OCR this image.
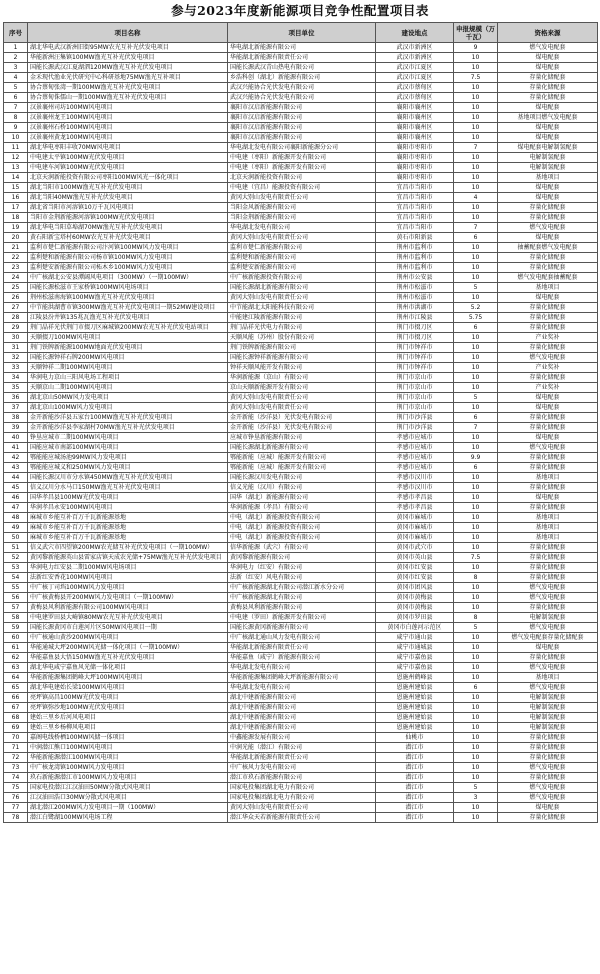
参与2023年度新能源项目竞争性配置项目表
序号	项目名称	项目单位	建设地点	申报规模（万千瓦）	资格来源
1	湖北华电武汉新洲旧街95MW农光互补光伏发电项目	华电湖北新能源有限公司	武汉市新洲区	9	燃气发电配套
2	华能新洲汪集镇100MW渔光互补光伏发电项目	华能湖北新能源有限责任公司	武汉市新洲区	10	煤电配套
3	国能长源武汉江夏湖泗120MW渔光互补光伏发电项目	国能长源武汉青山热电有限公司	武汉市江夏区	10	煤电配套
4	金禾现代渔业光伏研究中心科研基地75MW渔光互补项目	乡浩科创（湖北）新能源有限公司	武汉市江夏区	7.5	存量化储配套
5	协合蔡甸张湾一期100MW渔光互补光伏发电项目	武汉兴能协合光伏发电有限公司	武汉市蔡甸区	10	存量化储配套
6	协合蔡甸侏儒山一期100MW渔光互补光伏发电项目	武汉兴能协合光伏发电有限公司	武汉市蔡甸区	10	存量化储配套
7	汉景襄州司坊100MW风电项目	襄阳市汉启新能源有限公司	襄阳市襄州区	10	煤电配套
8	汉景襄州龙王100MW风电项目	襄阳市汉启新能源有限公司	襄阳市襄州区	10	基地项目燃气发电配套
9	汉景襄州石桥100MW风电项目	襄阳市汉启新能源有限公司	襄阳市襄州区	10	煤电配套
10	汉景襄州黄龙100MW风电项目	襄阳市汉启新能源有限公司	襄阳市襄州区	10	煤电配套
11	湖北华电枣阳丰收70MW风电项目	华电湖北发电有限公司襄阳新能源分公司	襄阳市枣阳市	7	煤电配套电解制氢配套
12	中电建太平镇100MW光伏发电项目	中电建（枣阳）新能源开发有限公司	襄阳市枣阳市	10	电解制氢配套
13	中电建车河镇100MW光伏发电项目	中电建（枣阳）新能源开发有限公司	襄阳市枣阳市	10	电解制氢配套
14	北京天润新能投资有限公司枣阳100MW风光一体化项目	北京天润新能投资有限公司	襄阳市枣阳市	10	基地项目
15	湖北当阳市100MW渔光互补光伏发电项目	中电建（宜昌）能源投资有限公司	宜昌市当阳市	10	煤电配套
16	湖北当阳40MW渔光互补光伏发电项目	黄冈大别山发电有限责任公司	宜昌市当阳市	4	煤电配套
17	湖北省当阳市河溶镇10万千瓦风电项目	当阳金风新能源有限公司	宜昌市当阳市	10	存量化储配套
18	当阳市金荆新能源河溶镇100MW光伏发电项目	当阳金荆新能源有限公司	宜昌市当阳市	10	存量化储配套
19	湖北华电当阳草埠湖70MW渔光互补光伏发电项目	华电湖北发电有限公司	宜昌市当阳市	7	燃气发电配套
20	黄石阳新宝塔村60MW农光互补光伏发电项目	黄冈大别山发电有限责任公司	黄石市阳新县	6	煤电配套
21	监利市楚仁新能源有限公司汴河镇100MW风力发电项目	监利市楚仁新能源有限公司	荆州市监利市	10	抽蓄配套燃气发电配套
22	监利楚和新能源有限公司杨市镇100MW风力发电项目	监利楚和新能源有限公司	荆州市监利市	10	存量化储配套
23	监利楚安新能源有限公司柘木乡100MW风力发电项目	监利楚安新能源有限公司	荆州市监利市	10	存量化储配套
24	中广核湖北公安县潭阔风电项目（300MW）（一期100MW）	中广核新能源投资有限公司	荆州市公安县	10	燃气发电配套抽蓄配套
25	国能长源松滋市王家桥镇100MW风电场项目	国能长源湖北新能源有限公司	荆州市松滋市	5	基地项目
26	荆州松滋南海镇100MW渔光互补光伏发电项目	黄冈大别山发电有限责任公司	荆州市松滋市	10	煤电配套
27	中节能洪湖曹市镇300MW渔光互补光伏发电项目一期52MW建设项目	中节能湖北太阳能科技有限公司	荆州市洪湖市	5.2	存量化储配套
28	江陵县汾井镇135兆瓦渔光互补光伏发电项目	中能建江陵新能源有限公司	荆州市江陵县	5.75	存量化储配套
29	荆门晶祥光伏荆门市掇刀区麻城镇200MW农光互补光伏发电站项目	荆门晶祥光伏电力有限公司	荆门市掇刀区	6	存量化储配套
30	天顺掇刀100MW风电项目	天顺风能（苏州）股份有限公司	荆门市掇刀区	10	产业奖补
31	荆门铁牌新能源100MW地面光伏发电项目	荆门铁牌新能源有限公司	荆门市钟祥市	10	存量化储配套
32	国能长源钟祥石牌200MW风电项目	国能长源钟祥新能源有限公司	荆门市钟祥市	10	燃气发电配套
33	天顺钟祥二期100MW风电项目	钟祥天顺风能开发有限公司	荆门市钟祥市	10	产业奖补
34	华润电力京山三阳风电场工程项目	华润新能源（京山）有限公司	荆门市京山市	10	存量化储配套
35	天顺京山二期100MW风电项目	京山天顺新能源开发有限公司	荆门市京山市	10	产业奖补
36	湖北京山50MW风力发电项目	黄冈大别山发电有限责任公司	荆门市京山市	5	煤电配套
37	湖北京山100MW风力发电项目	黄冈大别山发电有限责任公司	荆门市京山市	10	煤电配套
38	金开新能沙洋县五家台100MW渔光互补光伏发电项目	金开新能（沙洋县）光伏发电有限公司	荆门市沙洋县	6	存量化储配套
39	金开新能沙洋县李家湖村70MW渔光互补光伏发电项目	金开新能（沙洋县）光伏发电有限公司	荆门市沙洋县	7	存量化储配套
40	铮垦应城市二期100MW风电项目	应城市铮垦新能源有限公司	孝感市应城市	10	煤电配套
41	国能应城市南部100MW风电项目	国能长源湖北新能源有限公司	孝感市应城市	10	燃气发电配套
42	鄂能能应城汤池99MW风力发电项目	鄂能新能（应城）能源开发有限公司	孝感市应城市	9.9	存量化储配套
43	鄂能能应城义和250MW风力发电项目	鄂能新能（应城）能源开发有限公司	孝感市应城市	6	存量化储配套
44	国能长源汉川市分水镇450MW渔光互补光伏发电项目	国能长源汉川发电有限公司	孝感市汉川市	10	基地项目
45	信义汉川分水马口150MW渔光互补光伏发电项目	信义光能（汉川）有限公司	孝感市汉川市	10	存量化储配套
46	国华孝昌县100MW光伏发电项目	国华（湖北）新能源有限公司	孝感市孝昌县	10	煤电配套
47	华润孝昌永安100MW风电项目	华润新能源（孝昌）有限公司	孝感市孝昌县	10	存量化储配套
48	麻城市乡能互补百万千瓦新能源基地	中电（湖北）新能源投资有限公司	黄冈市麻城市	10	基地项目
49	麻城市乡能互补百万千瓦新能源基地	中电（湖北）新能源投资有限公司	黄冈市麻城市	10	基地项目
50	麻城市乡能互补百万千瓦新能源基地	中电（湖北）新能源投资有限公司	黄冈市麻城市	10	基地项目
51	信义武穴市四望镇200MW农光储互补光伏发电项目（一期100MW）	信华新能源（武穴）有限公司	黄冈市武穴市	10	存量化储配套
52	黄冈黎新能源英山县雷家店镇天成农光储+75MW渔光互补光伏发电项目	黄冈黎新能源有限公司	黄冈市英山县	7.5	存量化储配套
53	华润电力红安县二期100MW风电场项目	华润电力（红安）有限公司	黄冈市红安县	10	存量化储配套
54	法新红安香花100MW风电项目	法新（红安）风电有限公司	黄冈市红安县	8	存量化储配套
55	中广核丁司垱100MW风力发电项目	中广核新能源湖北有限公司潜江新水分公司	黄冈市团风县	10	燃气发电配套
56	中广核黄梅县开200MW风力发电项目（一期100MW）	中广核新能源湖北有限公司	黄冈市黄梅县	10	燃气发电配套
57	黄梅县风利新能源有限公司100MW风电项目	黄梅县风利新能源有限公司	黄冈市黄梅县	10	存量化储配套
58	中电建罗田县大崎镇80MW农光互补光伏发电项目	中电建（罗田）新能源开发有限公司	黄冈市罗田县	8	电解制氢配套
59	国能长源黄冈市白莲河片区50MW风电项目一期	国能长源黄冈新能源有限公司	黄冈市白莲河示范区	5	燃气发电配套
60	中广核通山黄沙200MW风电项目	中广核湖北通山风力发电有限公司	咸宁市通山县	10	燃气发电配套存量化储配套
61	华能通城大坪200MW风光储一体化项目（一期100MW）	华能湖北新能源有限责任公司	咸宁市通城县	10	煤电配套
62	华能嘉鱼县大悟150MW渔光互补光伏发电项目	华能嘉鱼（咸宁）新能源有限公司	咸宁市嘉鱼县	10	存量化储配套
63	湖北华电咸宁嘉鱼风光储一体化项目	华电湖北发电有限公司	咸宁市嘉鱼县	10	燃气发电配套
64	华能新能源集团鹤峰大坪100MW风电项目	华能新能源集团鹤峰大坪新能源有限公司	恩施州鹤峰县	10	基地项目
65	湖北华电建始长梁100MW风电项目	华电湖北发电有限公司	恩施州建始县	6	燃气发电配套
66	亮坪镇高昌100MW光伏发电项目	湖北中建新能源有限公司	恩施州建始县	10	电解制氢配套
67	亮坪镇弥沙地100MW光伏发电项目	湖北中建新能源有限公司	恩施州建始县	10	电解制氢配套
68	建始三里乡后河风电项目	湖北中建新能源有限公司	恩施州建始县	10	电解制氢配套
69	建始三里乡杨柳风电项目	湖北中建新能源有限公司	恩施州建始县	10	电解制氢配套
70	嘉阁电线桥栖100MW风储一体项目	中鑫能源发展有限公司	仙桃市	10	存量化储配套
71	中润潜江熊口100MW风电项目	中润光能（潜江）有限公司	潜江市	10	存量化储配套
72	华能新能源潜江100MW风电项目	华能湖北新能源有限责任公司	潜江市	10	存量化储配套
73	中广核龙湾镇100MW风力发电项目	中广核风力发电有限公司	潜江市	10	燃气发电配套
74	玖石新能源潜江市100MW风力发电项目	潜江市玖石新能源有限公司	潜江市	10	存量化储配套
75	国家电投潜江江汉油田50MW分散式风电项目	国家电投集团湖北电力有限公司	潜江市	5	燃气发电配套
76	江汉油田浩口30MW分散式风电项目	国家电投集团湖北电力有限公司	潜江市	3	燃气发电配套
77	湖北潜江200MW风力发电项目一期（100MW）	黄冈大别山发电有限责任公司	潜江市	10	煤电配套
78	潜江白鹭湖100MW风电场工程	潜江华众天若新能源有限责任公司	潜江市	10	存量化储配套
